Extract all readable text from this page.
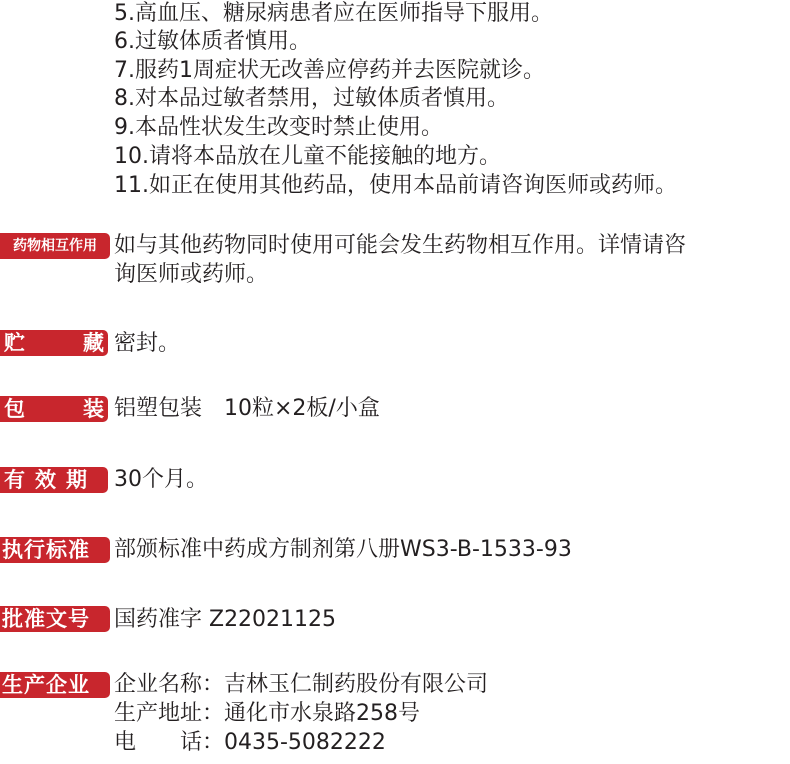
5.高血压、糖尿病患者应在医师指导下服用。
6.过敏体质者慎用。
7.服药1周症状无改善应停药并去医院就诊。
8.对本品过敏者禁用，过敏体质者慎用。
9.本品性状发生改变时禁止使用。
10.请将本品放在儿童不能接触的地方。
11.如正在使用其他药品，使用本品前请咨询医师或药师。
药物相互作用 如与其他药物同时使用可能会发生药物相互作用。详情请咨
询医师或药师。
贮	藏 密封。
包	装 铝塑包装　10粒×2板/小盒
有效期 30个月。
执行标准	部颁标准中药成方制剂第八册WS3-B-1533-93
批准文号	国药准字 Z22021125
生产企业	企业名称：吉林玉仁制药股份有限公司
生产地址：通化市水泉路258号
电　　话：0435-5082222
